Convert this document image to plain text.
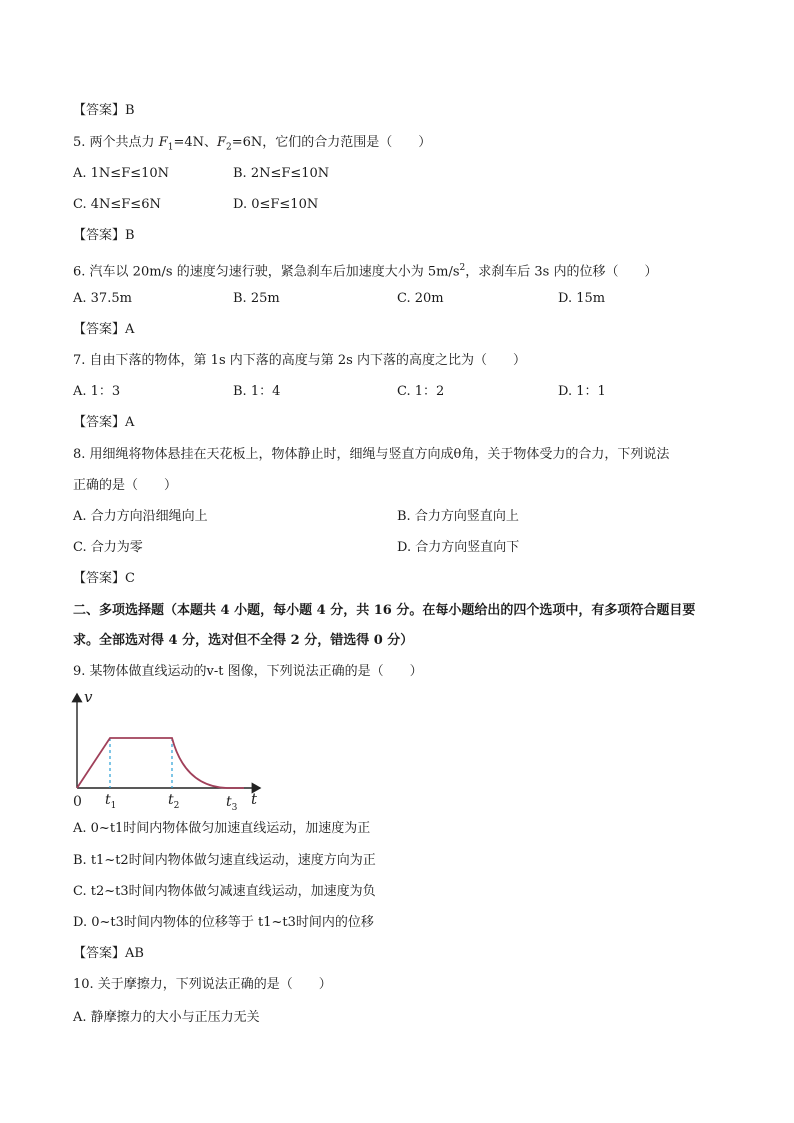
【答案】B
5. 两个共点力 $F_1=4N$、$F_2=6N$，它们的合力范围是（　　）
A. 1N≤F≤10N	B. 2N≤F≤10N
C. 4N≤F≤6N	D. 0≤F≤10N
【答案】B
6. 汽车以 20m/s 的速度匀速行驶，紧急刹车后加速度大小为 $5m/s^2$，求刹车后 3s 内的位移（　　）
A. 37.5m	B. 25m	C. 20m	D. 15m
【答案】A
7. 自由下落的物体，第 1s 内下落的高度与第 2s 内下落的高度之比为（　　）
A. 1：3	B. 1：4	C. 1：2	D. 1：1
【答案】A
8. 用细绳将物体悬挂在天花板上，物体静止时，细绳与竖直方向成θ角，关于物体受力的合力，下列说法
正确的是（　　）
A. 合力方向沿细绳向上	B. 合力方向竖直向上
C. 合力为零	D. 合力方向竖直向下
【答案】C
二、多项选择题（本题共 4 小题，每小题 4 分，共 16 分。在每小题给出的四个选项中，有多项符合题目要
求。全部选对得 4 分，选对但不全得 2 分，错选得 0 分）
9. 某物体做直线运动的v-t 图像，下列说法正确的是（　　）
v
0 $t_1$	$t_2$	$t_3$ t
A. 0~t1时间内物体做匀加速直线运动，加速度为正
B. t1~t2时间内物体做匀速直线运动，速度方向为正
C. t2~t3时间内物体做匀减速直线运动，加速度为负
D. 0~t3时间内物体的位移等于 t1~t3时间内的位移
【答案】AB
10. 关于摩擦力，下列说法正确的是（　　）
A. 静摩擦力的大小与正压力无关
